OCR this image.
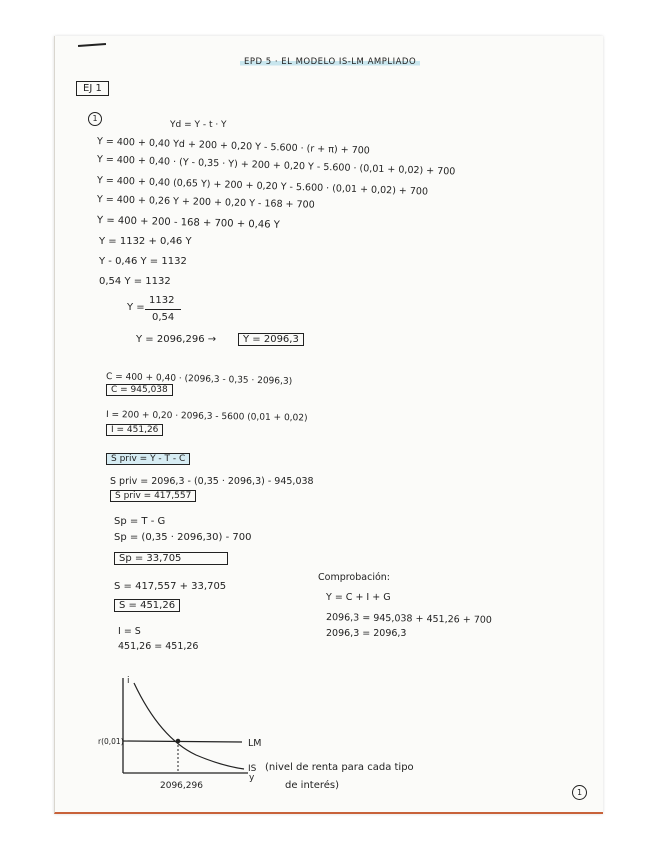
EPD 5 · EL MODELO IS-LM AMPLIADO
EJ 1
1
Yd = Y - t · Y
Y = 400 + 0,40 Yd + 200 + 0,20 Y - 5.600 · (r + π) + 700
Y = 400 + 0,40 · (Y - 0,35 · Y) + 200 + 0,20 Y - 5.600 · (0,01 + 0,02) + 700
Y = 400 + 0,40 (0,65 Y) + 200 + 0,20 Y - 5.600 · (0,01 + 0,02) + 700
Y = 400 + 0,26 Y + 200 + 0,20 Y - 168 + 700
Y = 400 + 200 - 168 + 700 + 0,46 Y
Y = 1132 + 0,46 Y
Y - 0,46 Y = 1132
0,54 Y = 1132
Y =
1132
0,54
Y = 2096,296 →	Y = 2096,3
C = 400 + 0,40 · (2096,3 - 0,35 · 2096,3)
C = 945,038
I = 200 + 0,20 · 2096,3 - 5600 (0,01 + 0,02)
I = 451,26
S priv = Y - T - C
S priv = 2096,3 - (0,35 · 2096,3) - 945,038
S priv = 417,557
Sp = T - G
Sp = (0,35 · 2096,30) - 700
Sp = 33,705
S = 417,557 + 33,705
S = 451,26
I = S
451,26 = 451,26
Comprobación:
Y = C + I + G
2096,3 = 945,038 + 451,26 + 700
2096,3 = 2096,3
i
y
r(0,01)
2096,296
LM
IS (nivel de renta para cada tipo
de interés)
1
